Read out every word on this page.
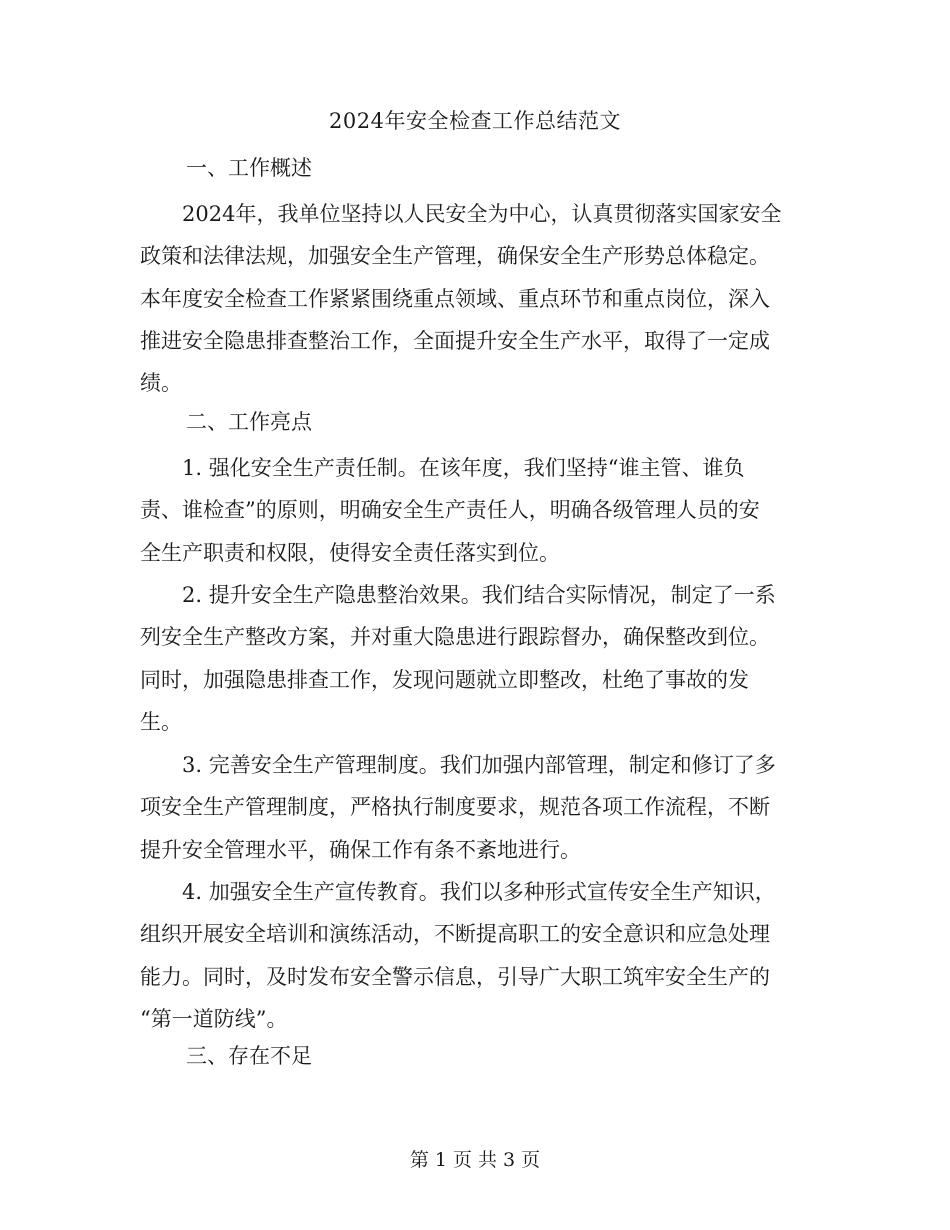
2024年安全检查工作总结范文
一、工作概述
　　2024年，我单位坚持以人民安全为中心，认真贯彻落实国家安全
政策和法律法规，加强安全生产管理，确保安全生产形势总体稳定。
本年度安全检查工作紧紧围绕重点领域、重点环节和重点岗位，深入
推进安全隐患排查整治工作，全面提升安全生产水平，取得了一定成
绩。
二、工作亮点
　　1. 强化安全生产责任制。在该年度，我们坚持“谁主管、谁负
责、谁检查”的原则，明确安全生产责任人，明确各级管理人员的安
全生产职责和权限，使得安全责任落实到位。
　　2. 提升安全生产隐患整治效果。我们结合实际情况，制定了一系
列安全生产整改方案，并对重大隐患进行跟踪督办，确保整改到位。
同时，加强隐患排查工作，发现问题就立即整改，杜绝了事故的发
生。
　　3. 完善安全生产管理制度。我们加强内部管理，制定和修订了多
项安全生产管理制度，严格执行制度要求，规范各项工作流程，不断
提升安全管理水平，确保工作有条不紊地进行。
　　4. 加强安全生产宣传教育。我们以多种形式宣传安全生产知识，
组织开展安全培训和演练活动，不断提高职工的安全意识和应急处理
能力。同时，及时发布安全警示信息，引导广大职工筑牢安全生产的
“第一道防线”。
三、存在不足
第 1 页 共 3 页
